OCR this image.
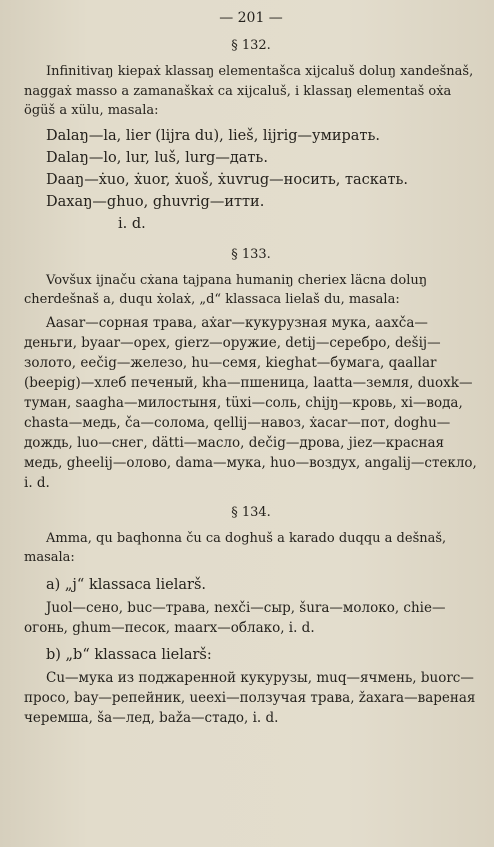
— 201 —
§ 132.

Infinitivaŋ kiepaẋ klassaŋ elementašca xijcaluš doluŋ xandešnaš, naggaẋ masso a zamanaškaẋ ca xijcaluš, i klassaŋ elementaš oẋa ögüš a xülu, masala:

Dalaŋ—la, lier (lijra du), lieš, lijrig—умирать.
Dalaŋ—lo, lur, luš, lurg—дать.
Daaŋ—ẋuo, ẋuor, ẋuoš, ẋuvrug—носить, таскать.
Daxaŋ—ghuo, ghuvrig—итти.
i. d.
§ 133.

Vovšux ijnaču cẋana tajpana humaniŋ cheriex läcna doluŋ cherdešnaš a, duqu ẋolaẋ, „d“ klassaca lielaš du, masala:

Aasar—сорная трава, aẋar—кукурузная мука, aaxča—деньги, byaar—орех, gierz—оружие, detij—серебро, dešij—золото, eečig—железо, hu—семя, kieghat—бумага, qaallar (beepig)—хлеб печеный, kha—пшеница, laatta—земля, duoxk—туман, saagha—милостыня, tüxi—соль, chijŋ—кровь, xi—вода, chasta—медь, ča—солома, qellij—навоз, ẋacar—пот, doghu—дождь, luo—снег, dätti—масло, dečig—дрова, jiez—красная медь, gheelij—олово, dama—мука, huo—воздух, angalij—стекло, i. d.

§ 134.

Amma, qu baqhonna ču ca doghuš a karado duqqu a dešnaš, masala:

a) „j“ klassaca lielarš.

Juol—сено, buc—трава, nexči—сыр, šura—молоко, chie—огонь, ghum—песок, maarx—облако, i. d.

b) „b“ klassaca lielarš:

Cu—мука из поджаренной кукурузы, muq—ячмень, buorc—просо, bay—репейник, ueexi—ползучая трава, žaxara—вареная черемша, ša—лед, baža—стадо, i. d.
